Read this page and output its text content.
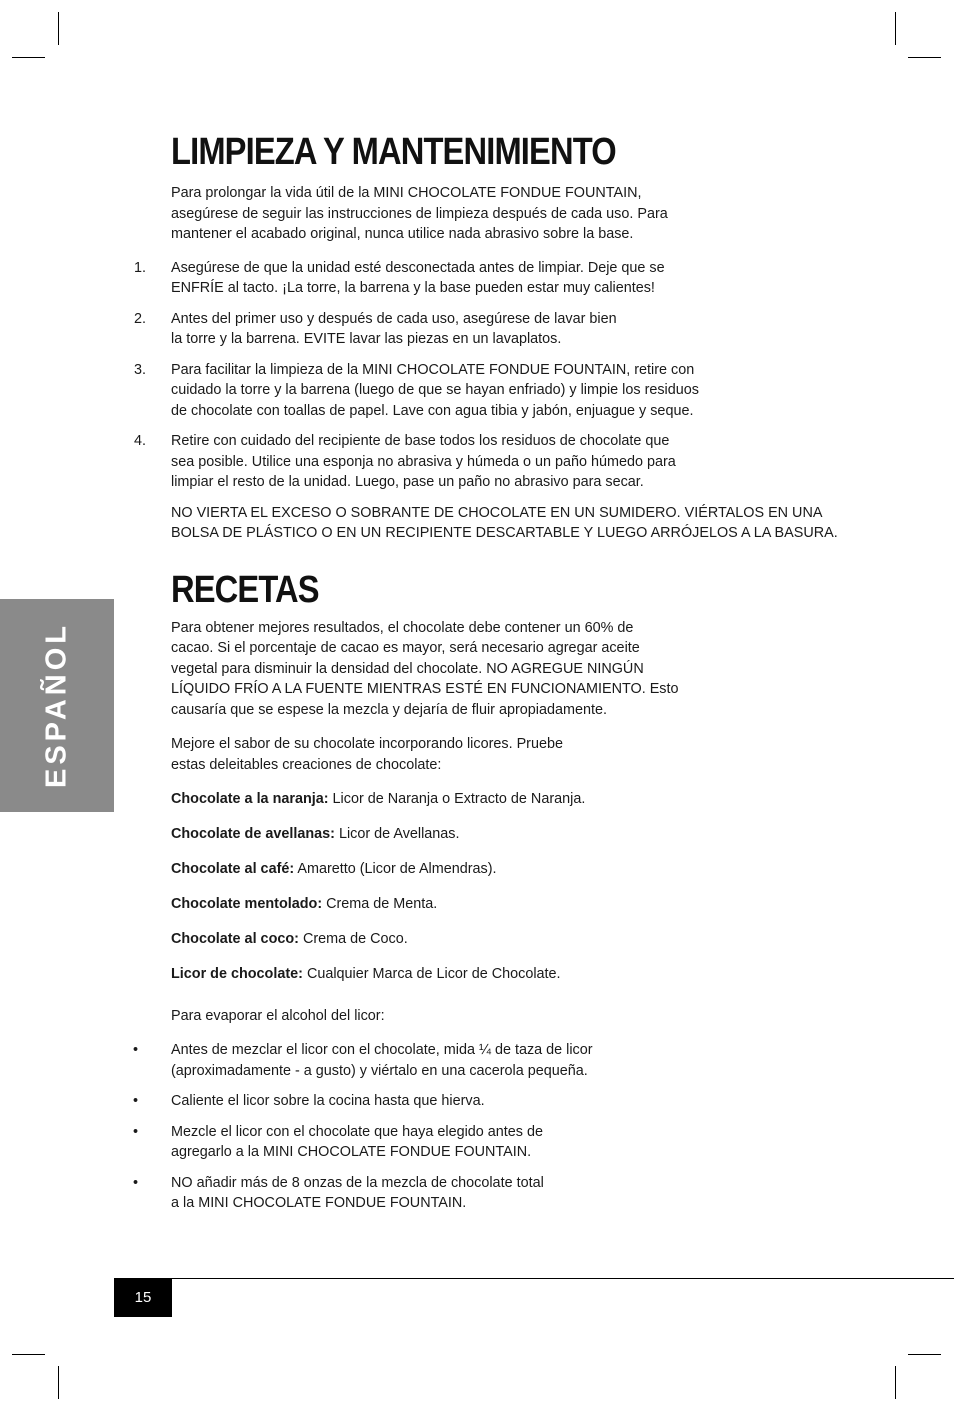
ESPAÑOL
LIMPIEZA Y MANTENIMIENTO

Para prolongar la vida útil de la MINI CHOCOLATE FONDUE FOUNTAIN,
asegúrese de seguir las instrucciones de limpieza después de cada uso. Para
mantener el acabado original, nunca utilice nada abrasivo sobre la base.

1. Asegúrese de que la unidad esté desconectada antes de limpiar. Deje que se
ENFRÍE al tacto. ¡La torre, la barrena y la base pueden estar muy calientes!
2. Antes del primer uso y después de cada uso, asegúrese de lavar bien
la torre y la barrena. EVITE lavar las piezas en un lavaplatos.
3. Para facilitar la limpieza de la MINI CHOCOLATE FONDUE FOUNTAIN, retire con
cuidado la torre y la barrena (luego de que se hayan enfriado) y limpie los residuos
de chocolate con toallas de papel. Lave con agua tibia y jabón, enjuague y seque.
4. Retire con cuidado del recipiente de base todos los residuos de chocolate que
sea posible. Utilice una esponja no abrasiva y húmeda o un paño húmedo para
limpiar el resto de la unidad. Luego, pase un paño no abrasivo para secar.

NO VIERTA EL EXCESO O SOBRANTE DE CHOCOLATE EN UN SUMIDERO. VIÉRTALOS EN UNA
BOLSA DE PLÁSTICO O EN UN RECIPIENTE DESCARTABLE Y LUEGO ARRÓJELOS A LA BASURA.

RECETAS

Para obtener mejores resultados, el chocolate debe contener un 60% de
cacao. Si el porcentaje de cacao es mayor, será necesario agregar aceite
vegetal para disminuir la densidad del chocolate. NO AGREGUE NINGÚN
LÍQUIDO FRÍO A LA FUENTE MIENTRAS ESTÉ EN FUNCIONAMIENTO. Esto
causaría que se espese la mezcla y dejaría de fluir apropiadamente.

Mejore el sabor de su chocolate incorporando licores. Pruebe
estas deleitables creaciones de chocolate:

Chocolate a la naranja: Licor de Naranja o Extracto de Naranja.

Chocolate de avellanas: Licor de Avellanas.

Chocolate al café: Amaretto (Licor de Almendras).

Chocolate mentolado: Crema de Menta.

Chocolate al coco: Crema de Coco.

Licor de chocolate: Cualquier Marca de Licor de Chocolate.

Para evaporar el alcohol del licor:

• Antes de mezclar el licor con el chocolate, mida ¼ de taza de licor
(aproximadamente - a gusto) y viértalo en una cacerola pequeña.
• Caliente el licor sobre la cocina hasta que hierva.
• Mezcle el licor con el chocolate que haya elegido antes de
agregarlo a la MINI CHOCOLATE FONDUE FOUNTAIN.
• NO añadir más de 8 onzas de la mezcla de chocolate total
a la MINI CHOCOLATE FONDUE FOUNTAIN.
15
